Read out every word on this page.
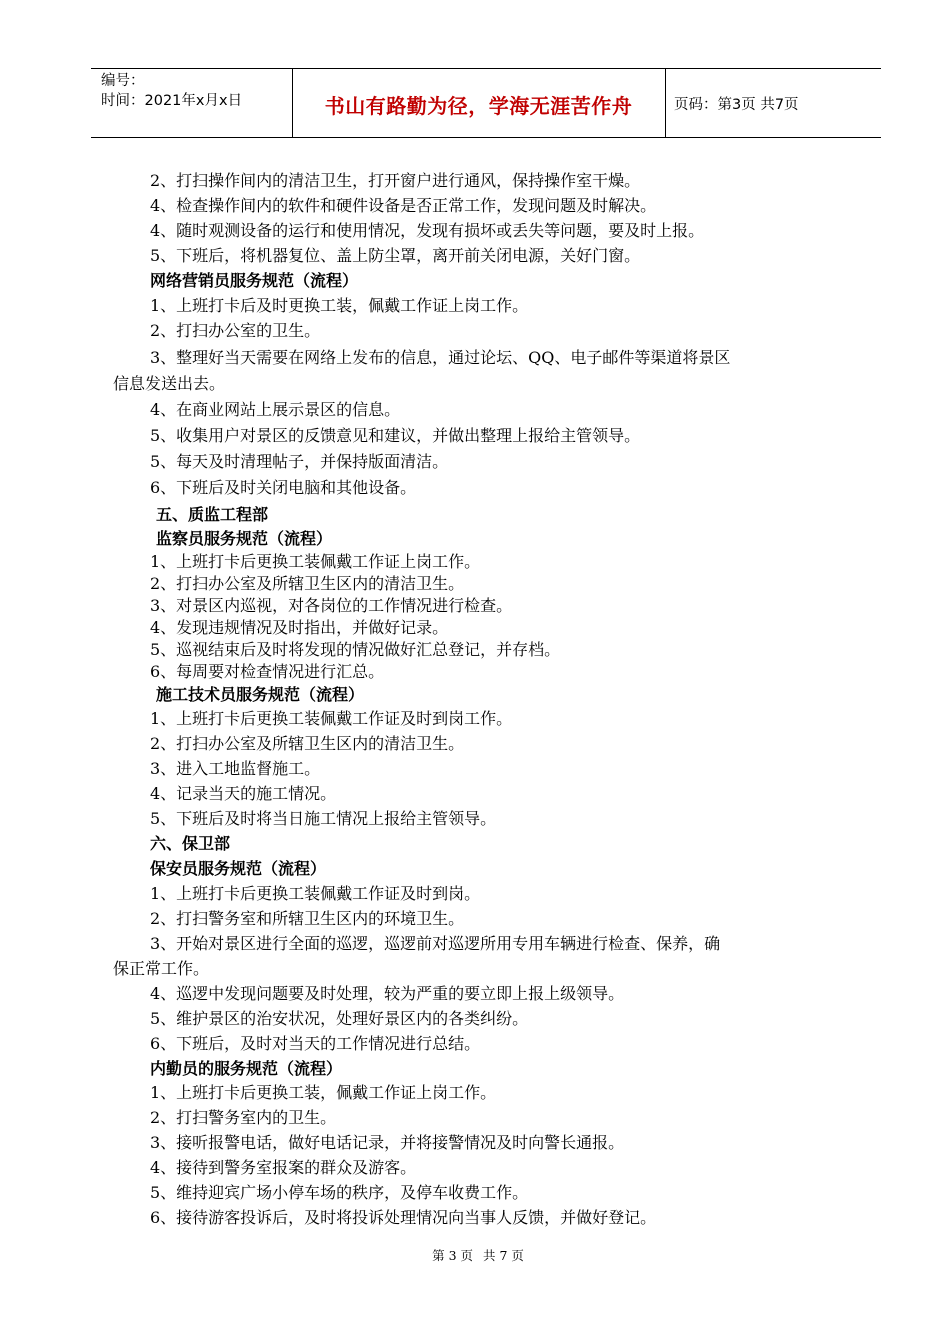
编号：
时间：2021年x月x日	书山有路勤为径，学海无涯苦作舟	页码：第3页 共7页
2、打扫操作间内的清洁卫生，打开窗户进行通风，保持操作室干燥。
4、检查操作间内的软件和硬件设备是否正常工作，发现问题及时解决。
4、随时观测设备的运行和使用情况，发现有损坏或丢失等问题，要及时上报。
5、下班后，将机器复位、盖上防尘罩，离开前关闭电源，关好门窗。
网络营销员服务规范（流程）
1、上班打卡后及时更换工装，佩戴工作证上岗工作。
2、打扫办公室的卫生。
3、整理好当天需要在网络上发布的信息，通过论坛、QQ、电子邮件等渠道将景区
信息发送出去。
4、在商业网站上展示景区的信息。
5、收集用户对景区的反馈意见和建议，并做出整理上报给主管领导。
5、每天及时清理帖子，并保持版面清洁。
6、下班后及时关闭电脑和其他设备。
五、质监工程部
监察员服务规范（流程）
1、上班打卡后更换工装佩戴工作证上岗工作。
2、打扫办公室及所辖卫生区内的清洁卫生。
3、对景区内巡视，对各岗位的工作情况进行检查。
4、发现违规情况及时指出，并做好记录。
5、巡视结束后及时将发现的情况做好汇总登记，并存档。
6、每周要对检查情况进行汇总。
施工技术员服务规范（流程）
1、上班打卡后更换工装佩戴工作证及时到岗工作。
2、打扫办公室及所辖卫生区内的清洁卫生。
3、进入工地监督施工。
4、记录当天的施工情况。
5、下班后及时将当日施工情况上报给主管领导。
六、保卫部
保安员服务规范（流程）
1、上班打卡后更换工装佩戴工作证及时到岗。
2、打扫警务室和所辖卫生区内的环境卫生。
3、开始对景区进行全面的巡逻，巡逻前对巡逻所用专用车辆进行检查、保养，确
保正常工作。
4、巡逻中发现问题要及时处理，较为严重的要立即上报上级领导。
5、维护景区的治安状况，处理好景区内的各类纠纷。
6、下班后，及时对当天的工作情况进行总结。
内勤员的服务规范（流程）
1、上班打卡后更换工装，佩戴工作证上岗工作。
2、打扫警务室内的卫生。
3、接听报警电话，做好电话记录，并将接警情况及时向警长通报。
4、接待到警务室报案的群众及游客。
5、维持迎宾广场小停车场的秩序，及停车收费工作。
6、接待游客投诉后，及时将投诉处理情况向当事人反馈，并做好登记。
第 3 页 共 7 页
